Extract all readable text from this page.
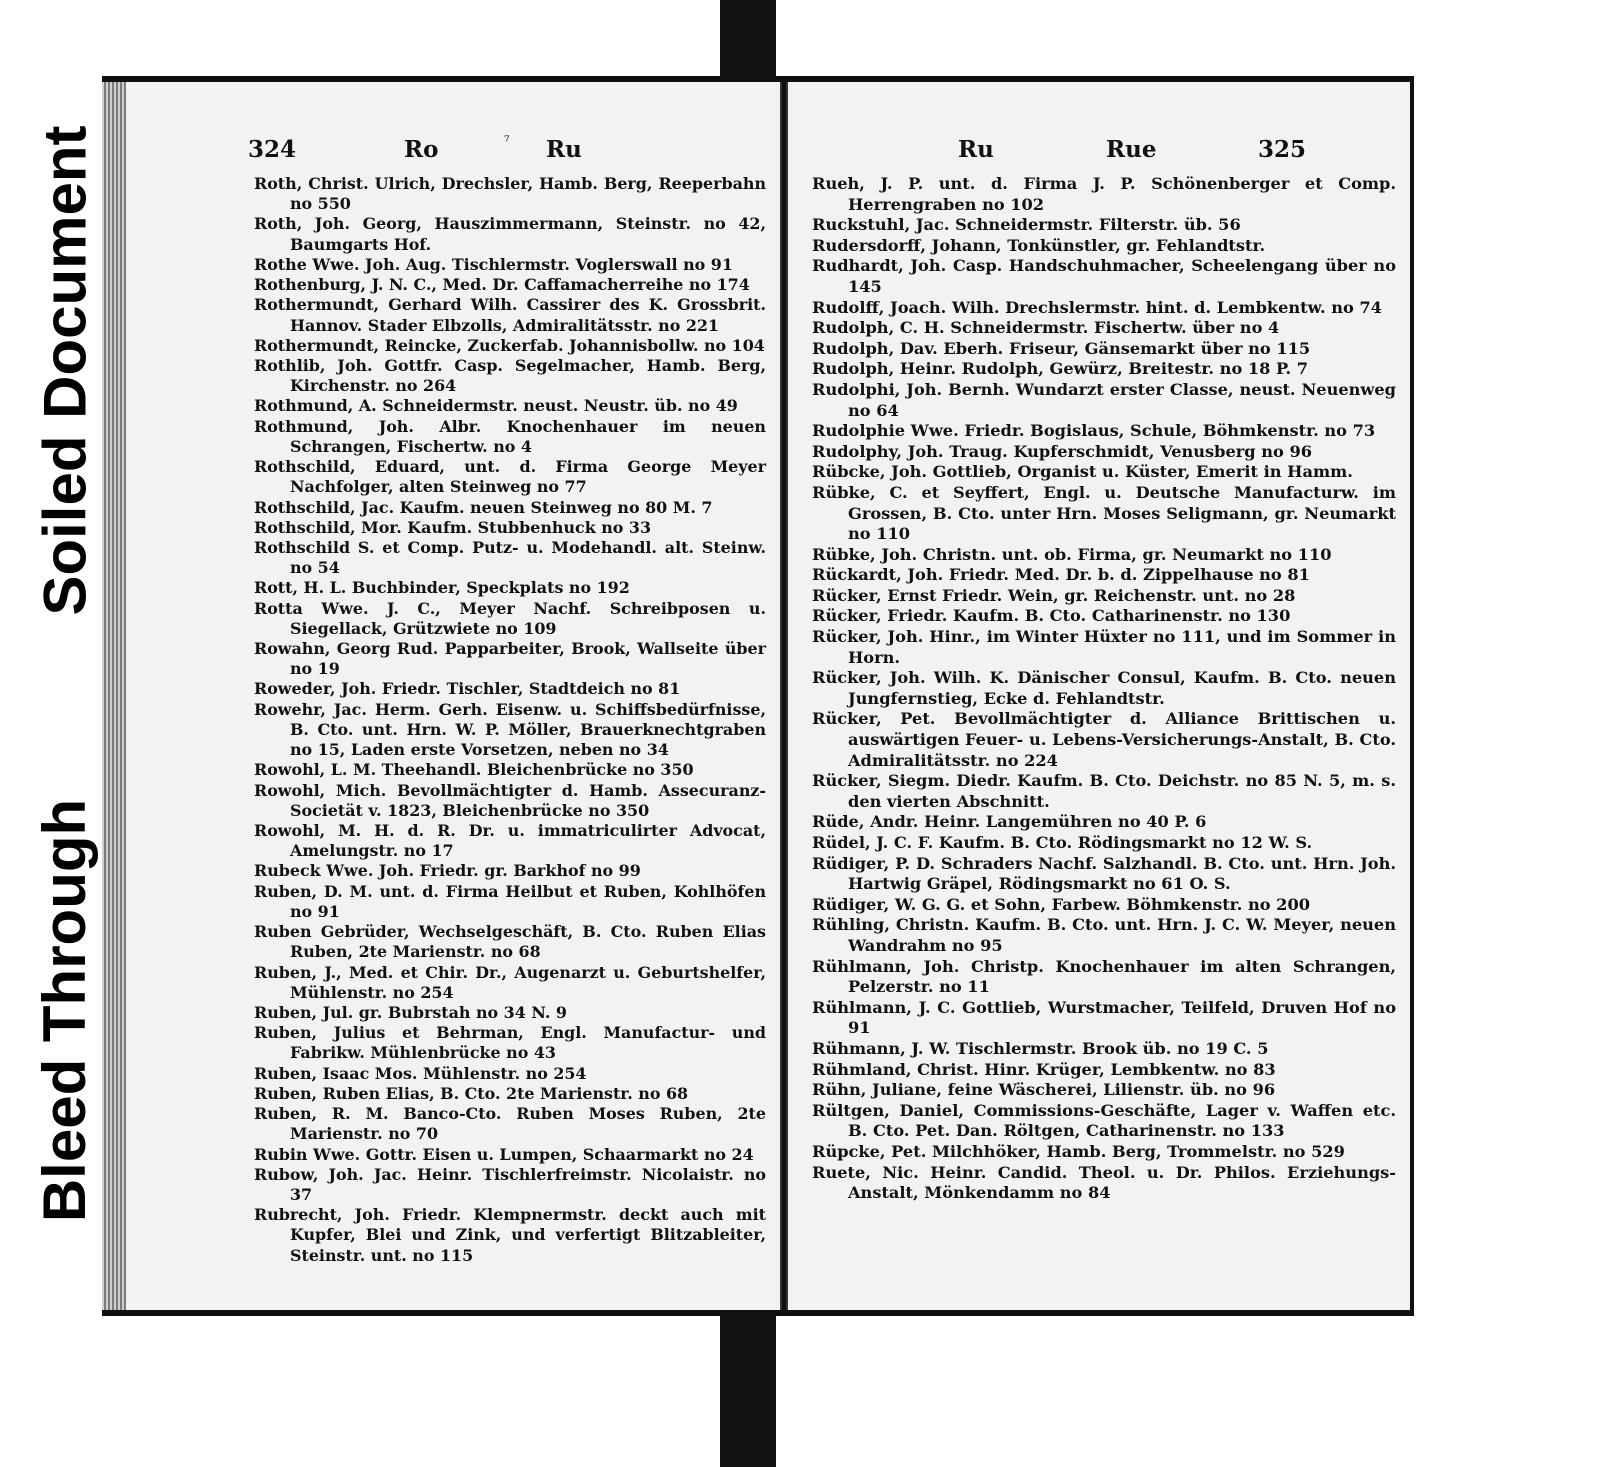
Soiled Document
Bleed Through
324	Ro	⁷ Ru
Roth, Christ. Ulrich, Drechsler, Hamb. Berg, Reeperbahn no 550
Roth, Joh. Georg, Hauszimmermann, Steinstr. no 42, Baumgarts Hof.
Rothe Wwe. Joh. Aug. Tischlermstr. Voglerswall no 91
Rothenburg, J. N. C., Med. Dr. Caffamacherreihe no 174
Rothermundt, Gerhard Wilh. Cassirer des K. Grossbrit. Hannov. Stader Elbzolls, Admiralitätsstr. no 221
Rothermundt, Reincke, Zuckerfab. Johannisbollw. no 104
Rothlib, Joh. Gottfr. Casp. Segelmacher, Hamb. Berg, Kirchenstr. no 264
Rothmund, A. Schneidermstr. neust. Neustr. üb. no 49
Rothmund, Joh. Albr. Knochenhauer im neuen Schrangen, Fischertw. no 4
Rothschild, Eduard, unt. d. Firma George Meyer Nachfolger, alten Steinweg no 77
Rothschild, Jac. Kaufm. neuen Steinweg no 80 M. 7
Rothschild, Mor. Kaufm. Stubbenhuck no 33
Rothschild S. et Comp. Putz- u. Modehandl. alt. Steinw. no 54
Rott, H. L. Buchbinder, Speckplats no 192
Rotta Wwe. J. C., Meyer Nachf. Schreibposen u. Siegellack, Grützwiete no 109
Rowahn, Georg Rud. Papparbeiter, Brook, Wallseite über no 19
Roweder, Joh. Friedr. Tischler, Stadtdeich no 81
Rowehr, Jac. Herm. Gerh. Eisenw. u. Schiffsbedürfnisse, B. Cto. unt. Hrn. W. P. Möller, Brauerknechtgraben no 15, Laden erste Vorsetzen, neben no 34
Rowohl, L. M. Theehandl. Bleichenbrücke no 350
Rowohl, Mich. Bevollmächtigter d. Hamb. Assecuranz-Societät v. 1823, Bleichenbrücke no 350
Rowohl, M. H. d. R. Dr. u. immatriculirter Advocat, Amelungstr. no 17
Rubeck Wwe. Joh. Friedr. gr. Barkhof no 99
Ruben, D. M. unt. d. Firma Heilbut et Ruben, Kohlhöfen no 91
Ruben Gebrüder, Wechselgeschäft, B. Cto. Ruben Elias Ruben, 2te Marienstr. no 68
Ruben, J., Med. et Chir. Dr., Augenarzt u. Geburtshelfer, Mühlenstr. no 254
Ruben, Jul. gr. Bubrstah no 34 N. 9
Ruben, Julius et Behrman, Engl. Manufactur- und Fabrikw. Mühlenbrücke no 43
Ruben, Isaac Mos. Mühlenstr. no 254
Ruben, Ruben Elias, B. Cto. 2te Marienstr. no 68
Ruben, R. M. Banco-Cto. Ruben Moses Ruben, 2te Marienstr. no 70
Rubin Wwe. Gottr. Eisen u. Lumpen, Schaarmarkt no 24
Rubow, Joh. Jac. Heinr. Tischlerfreimstr. Nicolaistr. no 37
Rubrecht, Joh. Friedr. Klempnermstr. deckt auch mit Kupfer, Blei und Zink, und verfertigt Blitzableiter, Steinstr. unt. no 115
Ru	Rue	325
Rueh, J. P. unt. d. Firma J. P. Schönenberger et Comp. Herrengraben no 102
Ruckstuhl, Jac. Schneidermstr. Filterstr. üb. 56
Rudersdorff, Johann, Tonkünstler, gr. Fehlandtstr.
Rudhardt, Joh. Casp. Handschuhmacher, Scheelengang über no 145
Rudolff, Joach. Wilh. Drechslermstr. hint. d. Lembkentw. no 74
Rudolph, C. H. Schneidermstr. Fischertw. über no 4
Rudolph, Dav. Eberh. Friseur, Gänsemarkt über no 115
Rudolph, Heinr. Rudolph, Gewürz, Breitestr. no 18 P. 7
Rudolphi, Joh. Bernh. Wundarzt erster Classe, neust. Neuenweg no 64
Rudolphie Wwe. Friedr. Bogislaus, Schule, Böhmkenstr. no 73
Rudolphy, Joh. Traug. Kupferschmidt, Venusberg no 96
Rübcke, Joh. Gottlieb, Organist u. Küster, Emerit in Hamm.
Rübke, C. et Seyffert, Engl. u. Deutsche Manufacturw. im Grossen, B. Cto. unter Hrn. Moses Seligmann, gr. Neumarkt no 110
Rübke, Joh. Christn. unt. ob. Firma, gr. Neumarkt no 110
Rückardt, Joh. Friedr. Med. Dr. b. d. Zippelhause no 81
Rücker, Ernst Friedr. Wein, gr. Reichenstr. unt. no 28
Rücker, Friedr. Kaufm. B. Cto. Catharinenstr. no 130
Rücker, Joh. Hinr., im Winter Hüxter no 111, und im Sommer in Horn.
Rücker, Joh. Wilh. K. Dänischer Consul, Kaufm. B. Cto. neuen Jungfernstieg, Ecke d. Fehlandtstr.
Rücker, Pet. Bevollmächtigter d. Alliance Brittischen u. auswärtigen Feuer- u. Lebens-Versicherungs-Anstalt, B. Cto. Admiralitätsstr. no 224
Rücker, Siegm. Diedr. Kaufm. B. Cto. Deichstr. no 85 N. 5, m. s. den vierten Abschnitt.
Rüde, Andr. Heinr. Langemühren no 40 P. 6
Rüdel, J. C. F. Kaufm. B. Cto. Rödingsmarkt no 12 W. S.
Rüdiger, P. D. Schraders Nachf. Salzhandl. B. Cto. unt. Hrn. Joh. Hartwig Gräpel, Rödingsmarkt no 61 O. S.
Rüdiger, W. G. G. et Sohn, Farbew. Böhmkenstr. no 200
Rühling, Christn. Kaufm. B. Cto. unt. Hrn. J. C. W. Meyer, neuen Wandrahm no 95
Rühlmann, Joh. Christp. Knochenhauer im alten Schrangen, Pelzerstr. no 11
Rühlmann, J. C. Gottlieb, Wurstmacher, Teilfeld, Druven Hof no 91
Rühmann, J. W. Tischlermstr. Brook üb. no 19 C. 5
Rühmland, Christ. Hinr. Krüger, Lembkentw. no 83
Rühn, Juliane, feine Wäscherei, Lilienstr. üb. no 96
Rültgen, Daniel, Commissions-Geschäfte, Lager v. Waffen etc. B. Cto. Pet. Dan. Röltgen, Catharinenstr. no 133
Rüpcke, Pet. Milchhöker, Hamb. Berg, Trommelstr. no 529
Ruete, Nic. Heinr. Candid. Theol. u. Dr. Philos. Erziehungs-Anstalt, Mönkendamm no 84
